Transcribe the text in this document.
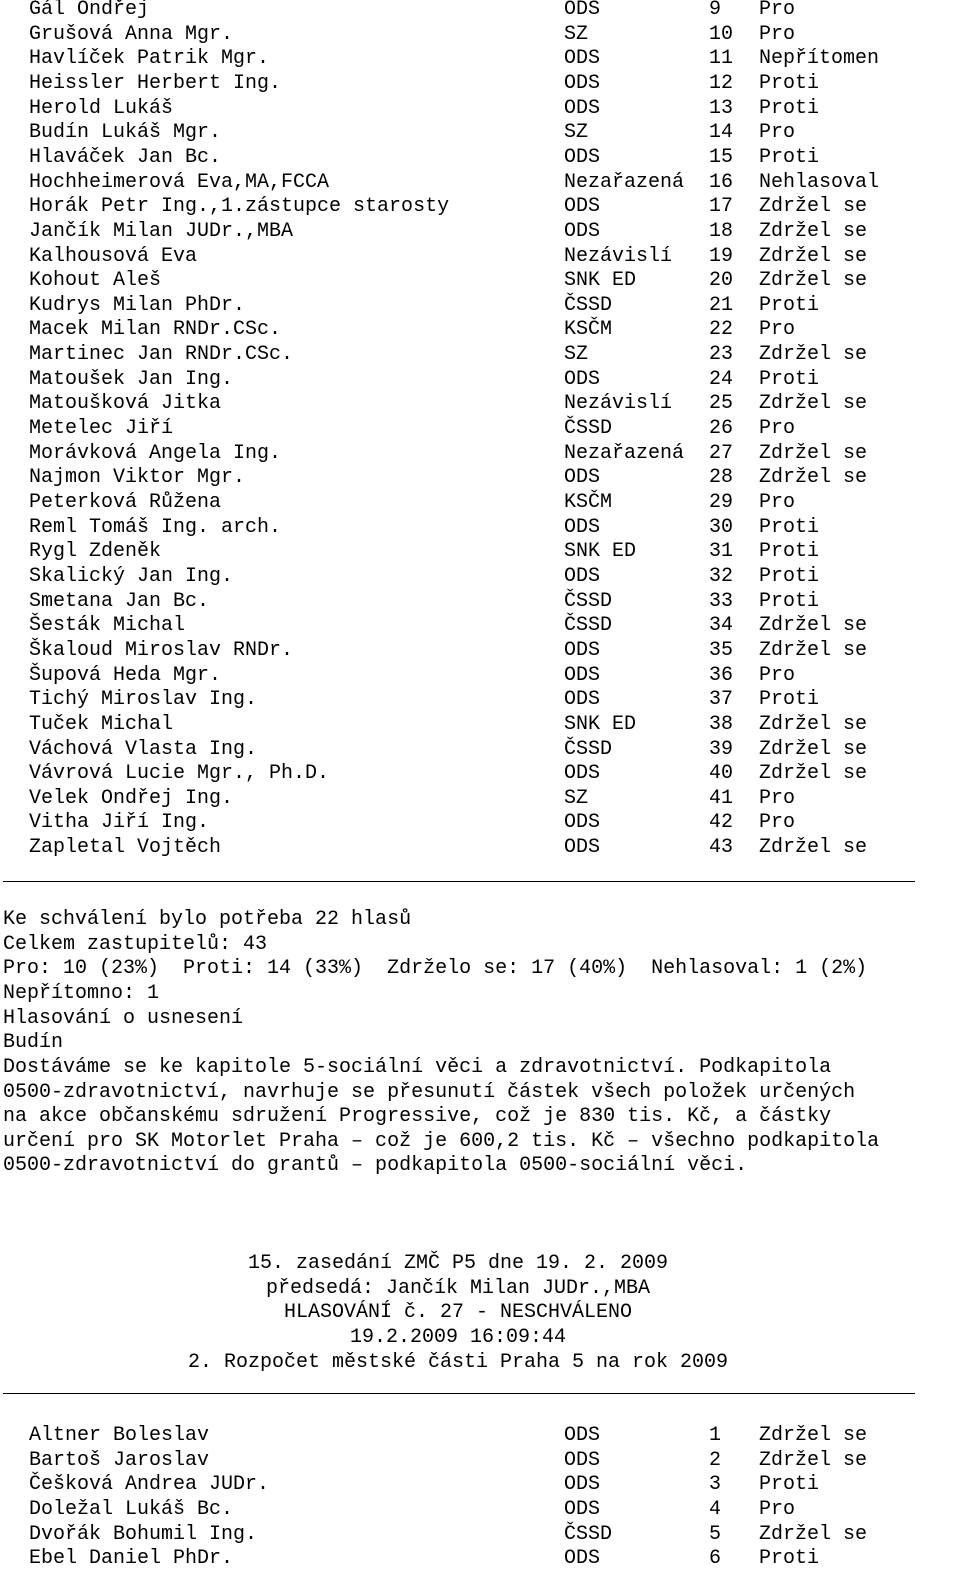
Gál Ondřej	ODS	9 Pro
Grušová Anna Mgr.	SZ	10 Pro
Havlíček Patrik Mgr.	ODS	11 Nepřítomen
Heissler Herbert Ing.	ODS	12 Proti
Herold Lukáš	ODS	13 Proti
Budín Lukáš Mgr.	SZ	14 Pro
Hlaváček Jan Bc.	ODS	15 Proti
Hochheimerová Eva,MA,FCCA	Nezařazená 16 Nehlasoval
Horák Petr Ing.,1.zástupce starosty	ODS	17 Zdržel se
Jančík Milan JUDr.,MBA	ODS	18 Zdržel se
Kalhousová Eva	Nezávislí 19 Zdržel se
Kohout Aleš	SNK ED	20 Zdržel se
Kudrys Milan PhDr.	ČSSD	21 Proti
Macek Milan RNDr.CSc.	KSČM	22 Pro
Martinec Jan RNDr.CSc.	SZ	23 Zdržel se
Matoušek Jan Ing.	ODS	24 Proti
Matoušková Jitka	Nezávislí 25 Zdržel se
Metelec Jiří	ČSSD	26 Pro
Morávková Angela Ing.	Nezařazená 27 Zdržel se
Najmon Viktor Mgr.	ODS	28 Zdržel se
Peterková Růžena	KSČM	29 Pro
Reml Tomáš Ing. arch.	ODS	30 Proti
Rygl Zdeněk	SNK ED	31 Proti
Skalický Jan Ing.	ODS	32 Proti
Smetana Jan Bc.	ČSSD	33 Proti
Šesták Michal	ČSSD	34 Zdržel se
Škaloud Miroslav RNDr.	ODS	35 Zdržel se
Šupová Heda Mgr.	ODS	36 Pro
Tichý Miroslav Ing.	ODS	37 Proti
Tuček Michal	SNK ED	38 Zdržel se
Váchová Vlasta Ing.	ČSSD	39 Zdržel se
Vávrová Lucie Mgr., Ph.D.	ODS	40 Zdržel se
Velek Ondřej Ing.	SZ	41 Pro
Vitha Jiří Ing.	ODS	42 Pro
Zapletal Vojtěch	ODS	43 Zdržel se
Ke schválení bylo potřeba 22 hlasů
Celkem zastupitelů: 43
Pro: 10 (23%)  Proti: 14 (33%)  Zdrželo se: 17 (40%)  Nehlasoval: 1 (2%)
Nepřítomno: 1
Hlasování o usnesení
Budín
Dostáváme se ke kapitole 5-sociální věci a zdravotnictví. Podkapitola
0500-zdravotnictví, navrhuje se přesunutí částek všech položek určených
na akce občanskému sdružení Progressive, což je 830 tis. Kč, a částky
určení pro SK Motorlet Praha – což je 600,2 tis. Kč – všechno podkapitola
0500-zdravotnictví do grantů – podkapitola 0500-sociální věci.
15. zasedání ZMČ P5 dne 19. 2. 2009
předsedá: Jančík Milan JUDr.,MBA
HLASOVÁNÍ č. 27 - NESCHVÁLENO
19.2.2009 16:09:44
2. Rozpočet městské části Praha 5 na rok 2009
Altner Boleslav	ODS	1 Zdržel se
Bartoš Jaroslav	ODS	2 Zdržel se
Češková Andrea JUDr.	ODS	3 Proti
Doležal Lukáš Bc.	ODS	4 Pro
Dvořák Bohumil Ing.	ČSSD	5 Zdržel se
Ebel Daniel PhDr.	ODS	6 Proti
